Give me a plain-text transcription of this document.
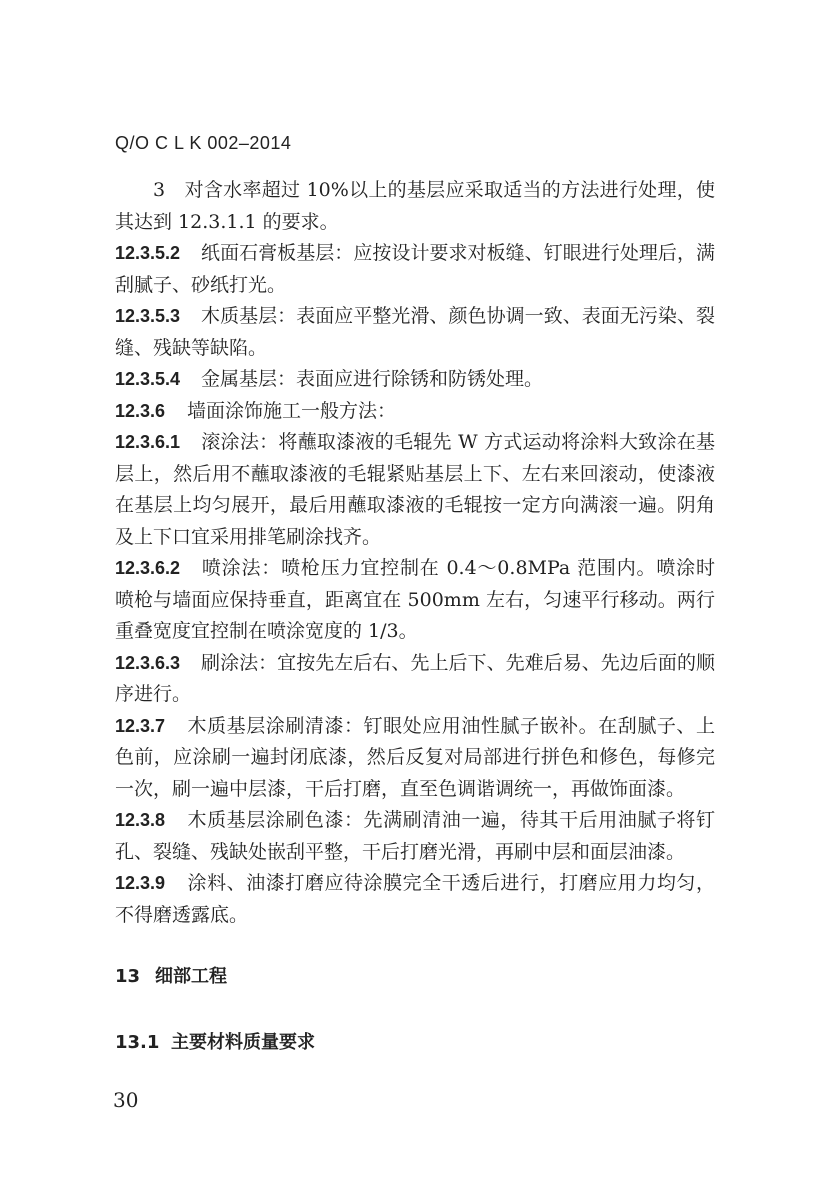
Q/O C L K 002–2014

3　对含水率超过 10%以上的基层应采取适当的方法进行处理，使其达到 12.3.1.1 的要求。

12.3.5.2 纸面石膏板基层：应按设计要求对板缝、钉眼进行处理后，满刮腻子、砂纸打光。

12.3.5.3 木质基层：表面应平整光滑、颜色协调一致、表面无污染、裂缝、残缺等缺陷。

12.3.5.4 金属基层：表面应进行除锈和防锈处理。

12.3.6 墙面涂饰施工一般方法：

12.3.6.1 滚涂法：将蘸取漆液的毛辊先 W 方式运动将涂料大致涂在基层上，然后用不蘸取漆液的毛辊紧贴基层上下、左右来回滚动，使漆液在基层上均匀展开，最后用蘸取漆液的毛辊按一定方向满滚一遍。阴角及上下口宜采用排笔刷涂找齐。

12.3.6.2 喷涂法：喷枪压力宜控制在 0.4～0.8MPa 范围内。喷涂时喷枪与墙面应保持垂直，距离宜在 500mm 左右，匀速平行移动。两行重叠宽度宜控制在喷涂宽度的 1/3。

12.3.6.3 刷涂法：宜按先左后右、先上后下、先难后易、先边后面的顺序进行。

12.3.7 木质基层涂刷清漆：钉眼处应用油性腻子嵌补。在刮腻子、上色前，应涂刷一遍封闭底漆，然后反复对局部进行拼色和修色，每修完一次，刷一遍中层漆，干后打磨，直至色调谐调统一，再做饰面漆。

12.3.8 木质基层涂刷色漆：先满刷清油一遍，待其干后用油腻子将钉孔、裂缝、残缺处嵌刮平整，干后打磨光滑，再刷中层和面层油漆。

12.3.9 涂料、油漆打磨应待涂膜完全干透后进行，打磨应用力均匀，不得磨透露底。

13 细部工程
13.1 主要材料质量要求
30
